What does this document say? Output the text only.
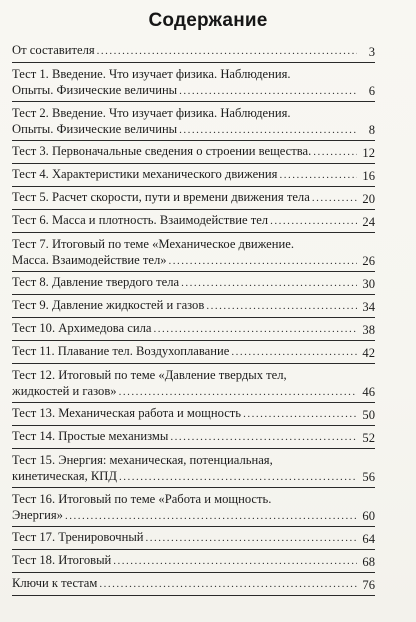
Содержание
От составителя .....	3
Тест 1. Введение. Что изучает физика. Наблюдения.
Опыты. Физические величины .....	6
Тест 2. Введение. Что изучает физика. Наблюдения.
Опыты. Физические величины .....	8
Тест 3. Первоначальные сведения о строении вещества. .....	12
Тест 4. Характеристики механического движения .....	16
Тест 5. Расчет скорости, пути и времени движения тела .....	20
Тест 6. Масса и плотность. Взаимодействие тел .....	24
Тест 7. Итоговый по теме «Механическое движение.
Масса. Взаимодействие тел» .....	26
Тест 8. Давление твердого тела .....	30
Тест 9. Давление жидкостей и газов .....	34
Тест 10. Архимедова сила .....	38
Тест 11. Плавание тел. Воздухоплавание .....	42
Тест 12. Итоговый по теме «Давление твердых тел,
жидкостей и газов» .....	46
Тест 13. Механическая работа и мощность .....	50
Тест 14. Простые механизмы .....	52
Тест 15. Энергия: механическая, потенциальная,
кинетическая, КПД .....	56
Тест 16. Итоговый по теме «Работа и мощность.
Энергия» .....	60
Тест 17. Тренировочный .....	64
Тест 18. Итоговый .....	68
Ключи к тестам .....	76
